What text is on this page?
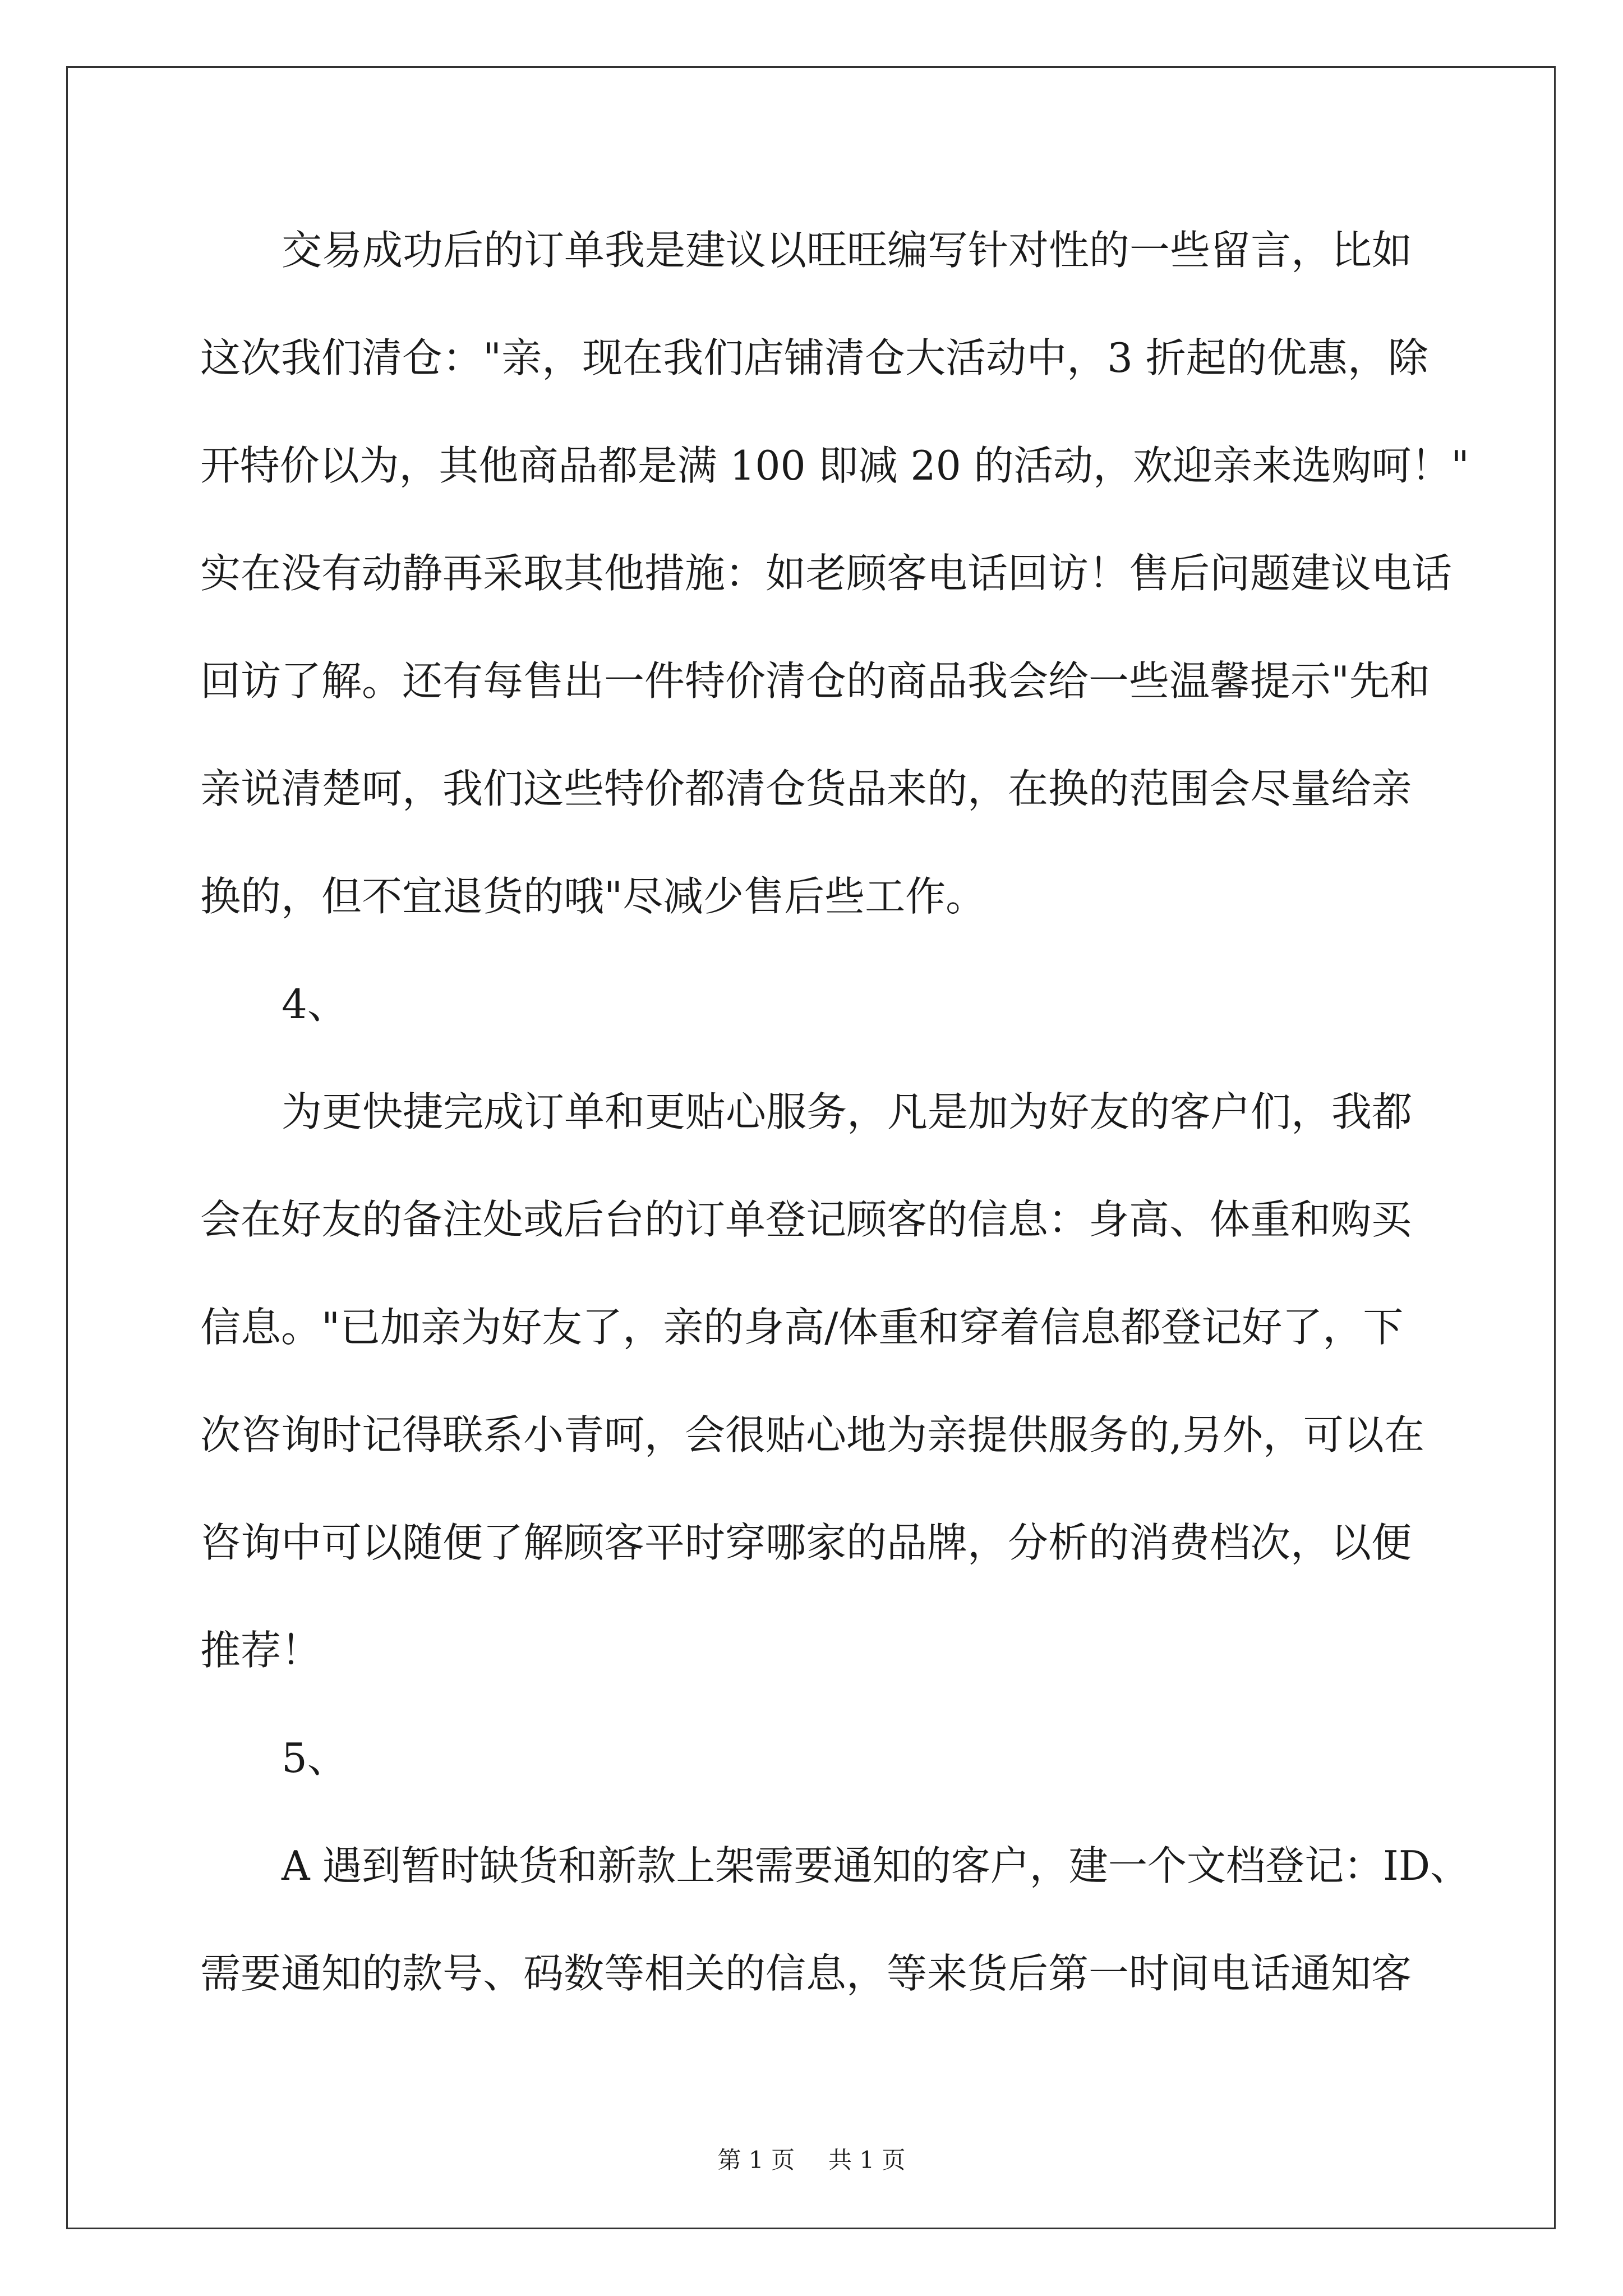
交易成功后的订单我是建议以旺旺编写针对性的一些留言，比如
这次我们清仓："亲，现在我们店铺清仓大活动中，3 折起的优惠，除
开特价以为，其他商品都是满 100 即减 20 的活动，欢迎亲来选购呵！"
实在没有动静再采取其他措施：如老顾客电话回访！售后问题建议电话
回访了解。还有每售出一件特价清仓的商品我会给一些温馨提示"先和
亲说清楚呵，我们这些特价都清仓货品来的，在换的范围会尽量给亲
换的，但不宜退货的哦"尽减少售后些工作。
4、
为更快捷完成订单和更贴心服务，凡是加为好友的客户们，我都
会在好友的备注处或后台的订单登记顾客的信息：身高、体重和购买
信息。"已加亲为好友了，亲的身高/体重和穿着信息都登记好了，下
次咨询时记得联系小青呵，会很贴心地为亲提供服务的,另外，可以在
咨询中可以随便了解顾客平时穿哪家的品牌，分析的消费档次，以便
推荐！
5、
A 遇到暂时缺货和新款上架需要通知的客户，建一个文档登记：ID、
需要通知的款号、码数等相关的信息，等来货后第一时间电话通知客
第 1 页 共 1 页
